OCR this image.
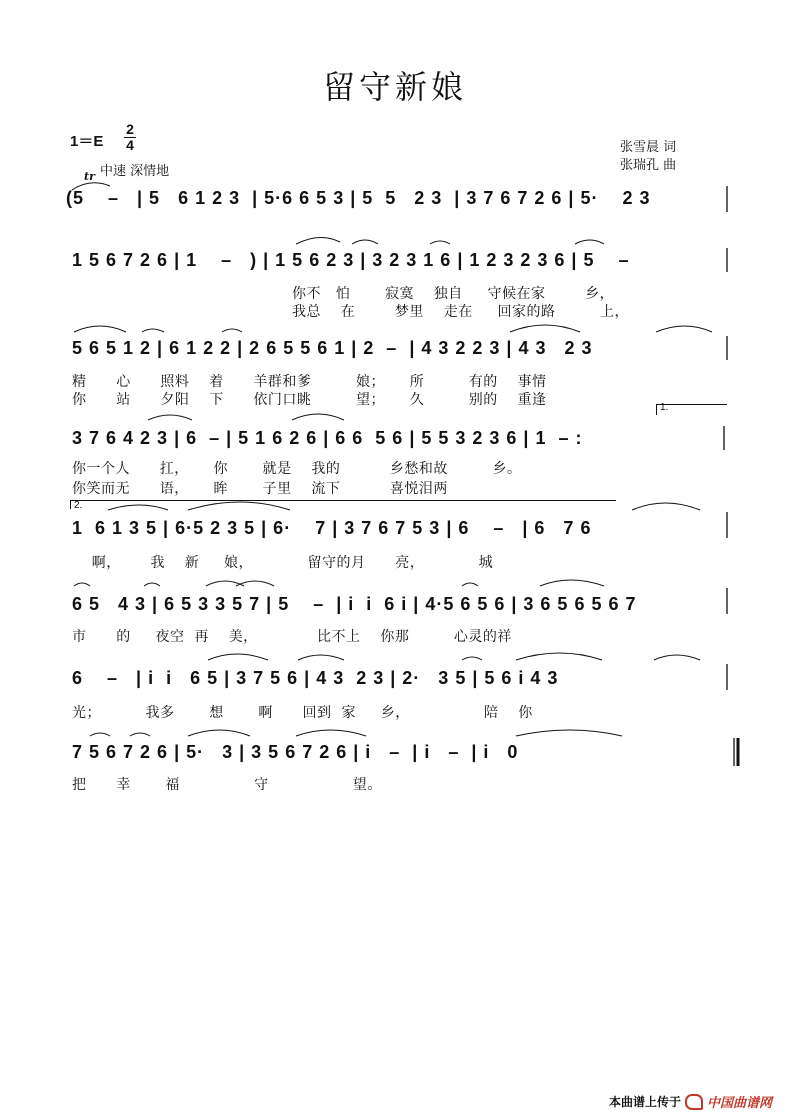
留守新娘
1＝E
2
4
中速 深情地
tr
张雪晨 词
张瑞孔 曲
(5    –   | 5   6 1 2 3  | 5·6 6 5 3 | 5  5   2 3  | 3 7 6 7 2 6 | 5·    2 3
1 5 6 7 2 6 | 1    –   ) | 1 5 6 2 3 | 3 2 3 1 6 | 1 2 3 2 3 6 | 5    –
你不   怕       寂寞    独自     守候在家        乡，
我总    在        梦里    走在     回家的路         上，
5 6 5 1 2 | 6 1 2 2 | 2 6 5 5 6 1 | 2  –  | 4 3 2 2 3 | 4 3   2 3
精      心      照料    着      羊群和爹         娘；     所         有的    事情
你      站      夕阳    下      依门口眺         望；     久         别的    重逢	1.
3 7 6 4 2 3 | 6  – | 5 1 6 2 6 | 6 6  5 6 | 5 5 3 2 3 6 | 1  – :
你一个人      扛，     你       就是    我的          乡愁和故         乡。
你笑而无      语，     眸       子里    流下          喜悦泪两
2.
1  6 1 3 5 | 6·5 2 3 5 | 6·    7 | 3 7 6 7 5 3 | 6    –   | 6   7 6
啊，      我    新     娘，           留守的月      亮，           城
6 5   4 3 | 6 5 3 3 5 7 | 5    –  | i  i  6 i | 4·5 6 5 6 | 3 6 5 6 5 6 7
市      的     夜空  再    美，            比不上    你那         心灵的祥
6    –   | i  i   6 5 | 3 7 5 6 | 4 3  2 3 | 2·   3 5 | 5 6 i 4 3
光；         我多       想       啊      回到  家     乡，               陪    你
7 5 6 7 2 6 | 5·   3 | 3 5 6 7 2 6 | i   –  | i   –  | i   0
把      幸       福               守                 望。
本曲谱上传于 中国曲谱网
